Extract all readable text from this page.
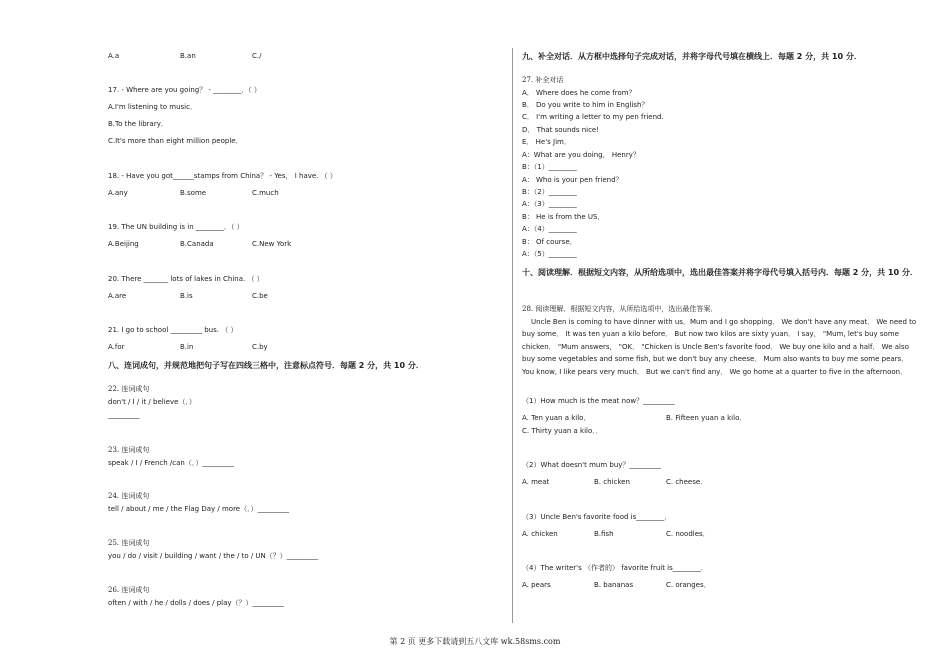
A.a	B.an	C./
17. - Where are you going？ - ________．（ ）
A.I'm listening to music．
B.To the library．
C.It's more than eight million people．
18. - Have you got______stamps from China？ - Yes， I have. （ ）
A.any	B.some	C.much
19. The UN building is in ________．（ ）
A.Beijing	B.Canada	C.New York
20. There _______ lots of lakes in China. （ ）
A.are	B.is	C.be
21. I go to school _________ bus. （ ）
A.for	B.in	C.by
八、连词成句，并规范地把句子写在四线三格中，注意标点符号．每题 2 分，共 10 分．
22. 连词成句
don't / I / it / believe（．）
_________
23. 连词成句
speak / I / French /can（．）_________
24. 连词成句
tell / about / me / the Flag Day / more（．）_________
25. 连词成句
you / do / visit / building / want / the / to / UN（？）_________
26. 连词成句
often / with / he / dolls / does / play（？）_________
九、补全对话．从方框中选择句子完成对话，并将字母代号填在横线上．每题 2 分，共 10 分．
27. 补全对话
A． Where does he come from？
B． Do you write to him in English？
C． I'm writing a letter to my pen friend.
D． That sounds nice!
E． He's Jim．
A：What are you doing， Henry？
B：（1）________
A： Who is your pen friend？
B：（2）________
A：（3）________
B： He is from the US．
A：（4）________
B： Of course．
A：（5）________
十、阅读理解．根据短文内容，从所给选项中，选出最佳答案并将字母代号填入括号内．每题 2 分，共 10 分．
28. 阅读理解．根据短文内容，从所给选项中，选出最佳答案．
Uncle Ben is coming to have dinner with us．Mum and I go shopping． We don't have any meat． We need to buy some． It was ten yuan a kilo before． But now two kilos are sixty yuan． I say， "Mum, let's buy some chicken． "Mum answers， "OK． "Chicken is Uncle Ben's favorite food． We buy one kilo and a half． We also buy some vegetables and some fish, but we don't buy any cheese． Mum also wants to buy me some pears． You know, I like pears very much． But we can't find any． We go home at a quarter to five in the afternoon．
（1）How much is the meat now？_________
A. Ten yuan a kilo．	B. Fifteen yuan a kilo．
C. Thirty yuan a kilo．．
（2）What doesn't mum buy？_________
A. meat	B. chicken	C. cheese．
（3）Uncle Ben's favorite food is________．
A. chicken	B.fish	C. noodles．
（4）The writer's （作者的） favorite fruit is________．
A. pears	B. bananas	C. oranges．
第 2 页 更多下载请到五八文库 wk.58sms.com
